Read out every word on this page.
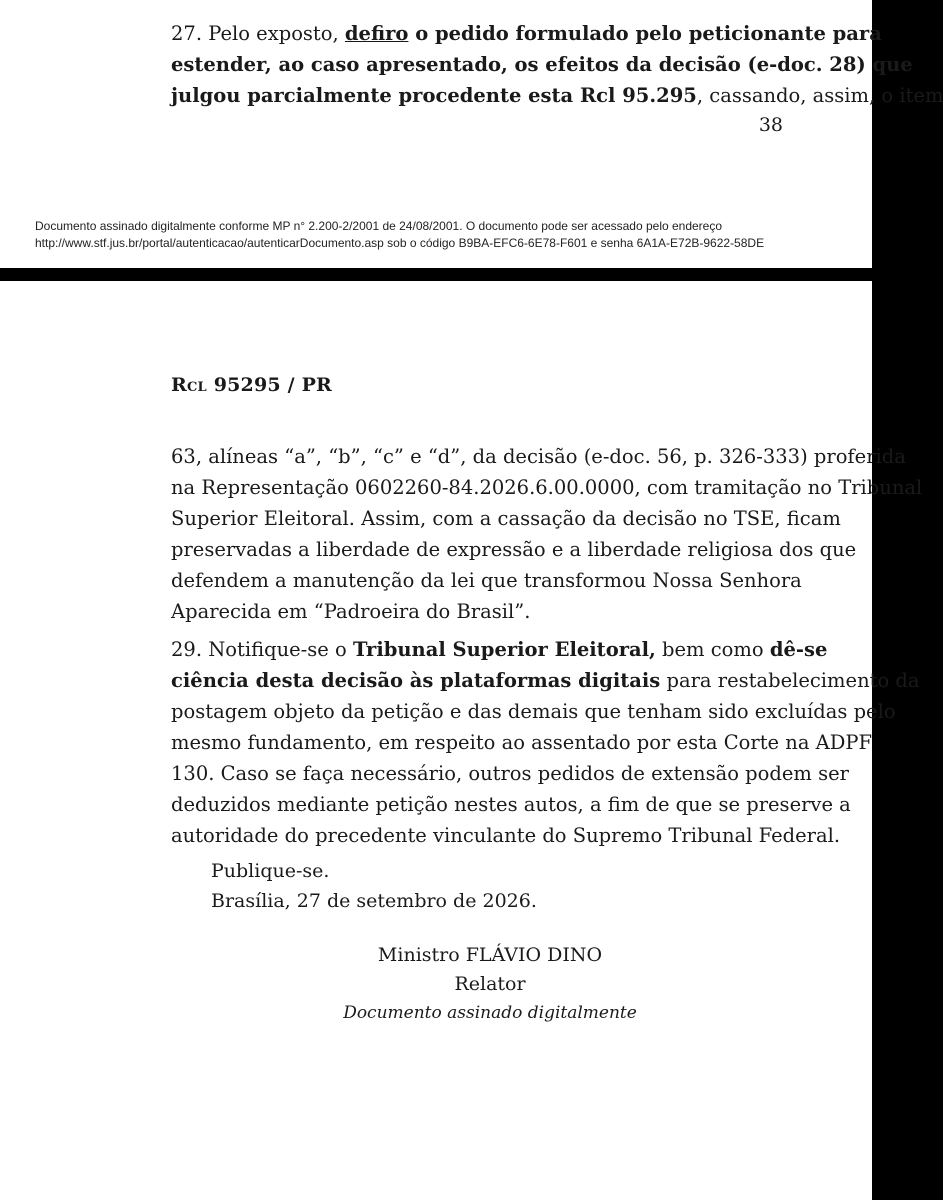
27. Pelo exposto, defiro o pedido formulado pelo peticionante para
estender, ao caso apresentado, os efeitos da decisão (e-doc. 28) que
julgou parcialmente procedente esta Rcl 95.295, cassando, assim, o item
38
Documento assinado digitalmente conforme MP n° 2.200-2/2001 de 24/08/2001. O documento pode ser acessado pelo endereço
http://www.stf.jus.br/portal/autenticacao/autenticarDocumento.asp sob o código B9BA-EFC6-6E78-F601 e senha 6A1A-E72B-9622-58DE
Rcl 95295 / PR
63, alíneas “a”, “b”, “c” e “d”, da decisão (e-doc. 56, p. 326-333) proferida
na Representação 0602260-84.2026.6.00.0000, com tramitação no Tribunal
Superior Eleitoral. Assim, com a cassação da decisão no TSE, ficam
preservadas a liberdade de expressão e a liberdade religiosa dos que
defendem a manutenção da lei que transformou Nossa Senhora
Aparecida em “Padroeira do Brasil”.
29. Notifique-se o Tribunal Superior Eleitoral, bem como dê-se
ciência desta decisão às plataformas digitais para restabelecimento da
postagem objeto da petição e das demais que tenham sido excluídas pelo
mesmo fundamento, em respeito ao assentado por esta Corte na ADPF
130. Caso se faça necessário, outros pedidos de extensão podem ser
deduzidos mediante petição nestes autos, a fim de que se preserve a
autoridade do precedente vinculante do Supremo Tribunal Federal.
Publique-se.
Brasília, 27 de setembro de 2026.
Ministro FLÁVIO DINO
Relator
Documento assinado digitalmente
